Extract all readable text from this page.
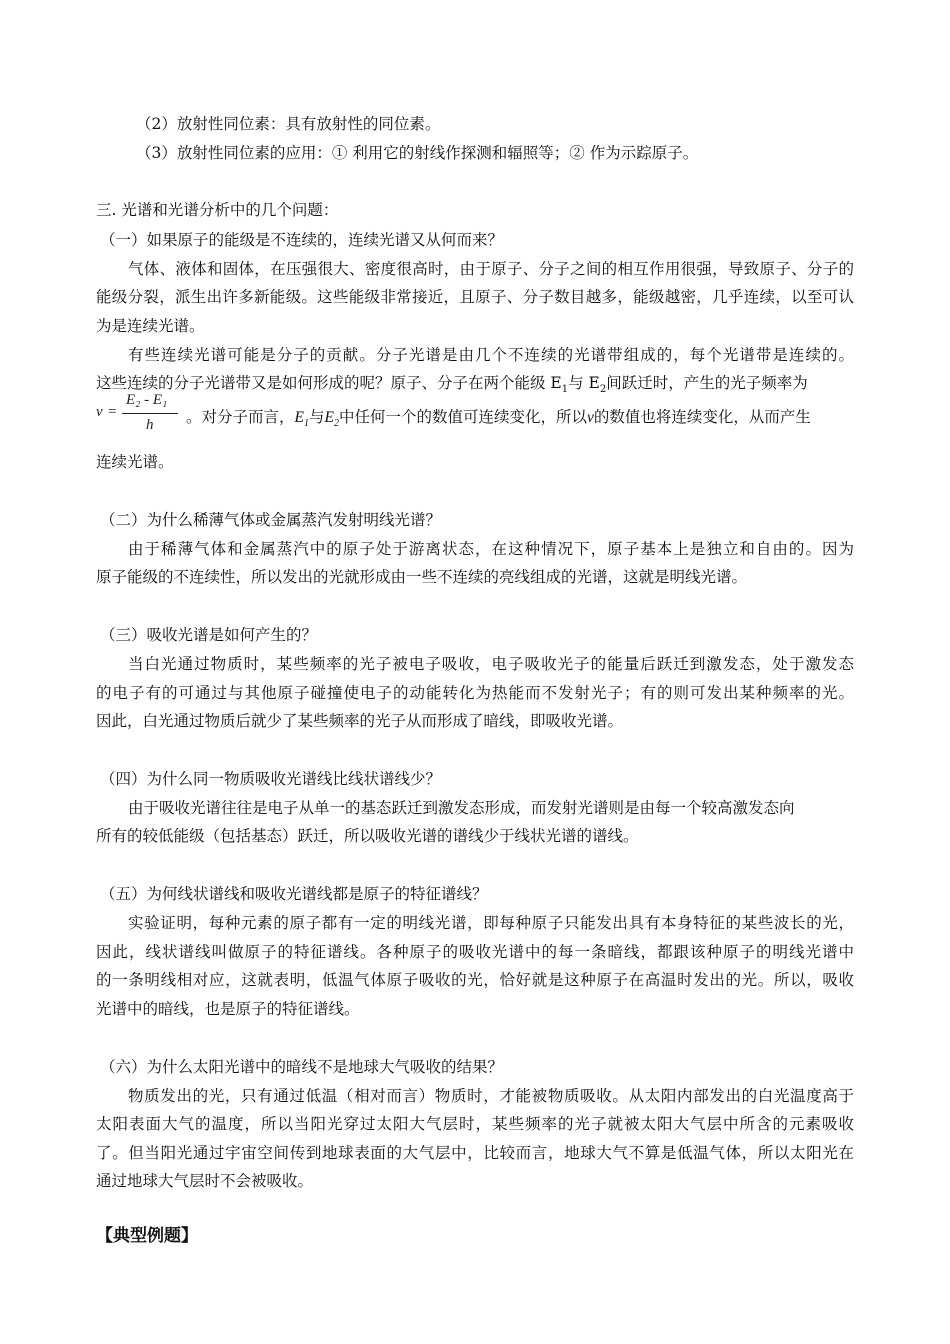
（2）放射性同位素：具有放射性的同位素。
（3）放射性同位素的应用：① 利用它的射线作探测和辐照等；② 作为示踪原子。
三. 光谱和光谱分析中的几个问题：
（一）如果原子的能级是不连续的，连续光谱又从何而来？
气体、液体和固体，在压强很大、密度很高时，由于原子、分子之间的相互作用很强，导致原子、分子的
能级分裂，派生出许多新能级。这些能级非常接近，且原子、分子数目越多，能级越密，几乎连续，以至可认
为是连续光谱。
有些连续光谱可能是分子的贡献。分子光谱是由几个不连续的光谱带组成的，每个光谱带是连续的。
这些连续的分子光谱带又是如何形成的呢？原子、分子在两个能级 $E_1$与 $E_2$间跃迁时，产生的光子频率为
v =
E₂ - E₁
h 。对分子而言，$E_1$与$E_2$中任何一个的数值可连续变化，所以v的数值也将连续变化，从而产生
连续光谱。
（二）为什么稀薄气体或金属蒸汽发射明线光谱？
由于稀薄气体和金属蒸汽中的原子处于游离状态，在这种情况下，原子基本上是独立和自由的。因为
原子能级的不连续性，所以发出的光就形成由一些不连续的亮线组成的光谱，这就是明线光谱。
（三）吸收光谱是如何产生的？
当白光通过物质时，某些频率的光子被电子吸收，电子吸收光子的能量后跃迁到激发态，处于激发态
的电子有的可通过与其他原子碰撞使电子的动能转化为热能而不发射光子；有的则可发出某种频率的光。
因此，白光通过物质后就少了某些频率的光子从而形成了暗线，即吸收光谱。
（四）为什么同一物质吸收光谱线比线状谱线少？
由于吸收光谱往往是电子从单一的基态跃迁到激发态形成，而发射光谱则是由每一个较高激发态向
所有的较低能级（包括基态）跃迁，所以吸收光谱的谱线少于线状光谱的谱线。
（五）为何线状谱线和吸收光谱线都是原子的特征谱线？
实验证明，每种元素的原子都有一定的明线光谱，即每种原子只能发出具有本身特征的某些波长的光，
因此，线状谱线叫做原子的特征谱线。各种原子的吸收光谱中的每一条暗线，都跟该种原子的明线光谱中
的一条明线相对应，这就表明，低温气体原子吸收的光，恰好就是这种原子在高温时发出的光。所以，吸收
光谱中的暗线，也是原子的特征谱线。
（六）为什么太阳光谱中的暗线不是地球大气吸收的结果？
物质发出的光，只有通过低温（相对而言）物质时，才能被物质吸收。从太阳内部发出的白光温度高于
太阳表面大气的温度，所以当阳光穿过太阳大气层时，某些频率的光子就被太阳大气层中所含的元素吸收
了。但当阳光通过宇宙空间传到地球表面的大气层中，比较而言，地球大气不算是低温气体，所以太阳光在
通过地球大气层时不会被吸收。
【典型例题】
